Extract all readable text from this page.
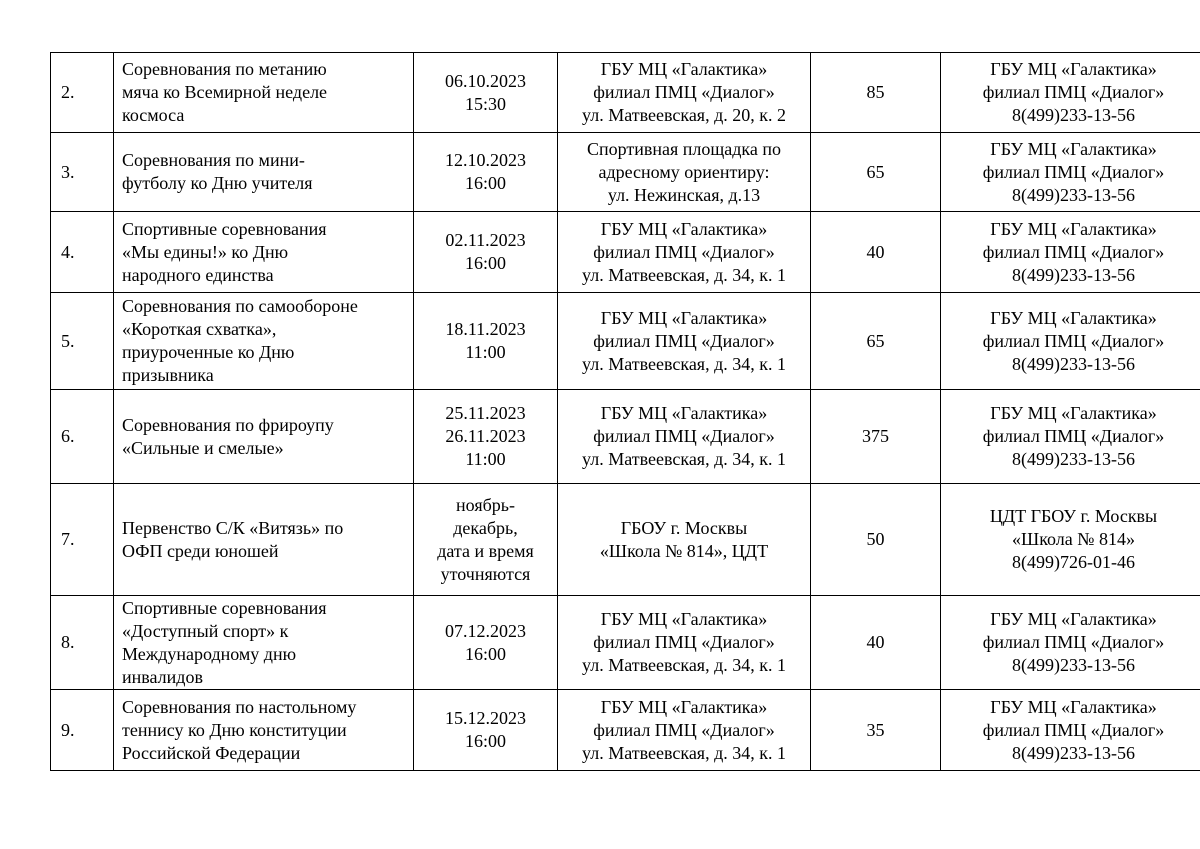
2.	Соревнования по метанию
мяча ко Всемирной неделе
космоса	06.10.2023
15:30	ГБУ МЦ «Галактика»
филиал ПМЦ «Диалог»
ул. Матвеевская, д. 20, к. 2	85	ГБУ МЦ «Галактика»
филиал ПМЦ «Диалог»
8(499)233-13-56

3.	Соревнования по мини-
футболу ко Дню учителя	12.10.2023
16:00	Спортивная площадка по
адресному ориентиру:
ул. Нежинская, д.13	65	ГБУ МЦ «Галактика»
филиал ПМЦ «Диалог»
8(499)233-13-56

4.	Спортивные соревнования
«Мы едины!» ко Дню
народного единства	02.11.2023
16:00	ГБУ МЦ «Галактика»
филиал ПМЦ «Диалог»
ул. Матвеевская, д. 34, к. 1	40	ГБУ МЦ «Галактика»
филиал ПМЦ «Диалог»
8(499)233-13-56

5.	Соревнования по самообороне
«Короткая схватка»,
приуроченные ко Дню
призывника	18.11.2023
11:00	ГБУ МЦ «Галактика»
филиал ПМЦ «Диалог»
ул. Матвеевская, д. 34, к. 1	65	ГБУ МЦ «Галактика»
филиал ПМЦ «Диалог»
8(499)233-13-56

6.	Соревнования по фрироупу
«Сильные и смелые»	25.11.2023
26.11.2023
11:00	ГБУ МЦ «Галактика»
филиал ПМЦ «Диалог»
ул. Матвеевская, д. 34, к. 1	375	ГБУ МЦ «Галактика»
филиал ПМЦ «Диалог»
8(499)233-13-56

7.	Первенство С/К «Витязь» по
ОФП среди юношей	ноябрь-
декабрь,
дата и время
уточняются	ГБОУ г. Москвы
«Школа № 814», ЦДТ	50	ЦДТ ГБОУ г. Москвы
«Школа № 814»
8(499)726-01-46

8.	Спортивные соревнования
«Доступный спорт» к
Международному дню
инвалидов	07.12.2023
16:00	ГБУ МЦ «Галактика»
филиал ПМЦ «Диалог»
ул. Матвеевская, д. 34, к. 1	40	ГБУ МЦ «Галактика»
филиал ПМЦ «Диалог»
8(499)233-13-56

9.	Соревнования по настольному
теннису ко Дню конституции
Российской Федерации	15.12.2023
16:00	ГБУ МЦ «Галактика»
филиал ПМЦ «Диалог»
ул. Матвеевская, д. 34, к. 1	35	ГБУ МЦ «Галактика»
филиал ПМЦ «Диалог»
8(499)233-13-56
